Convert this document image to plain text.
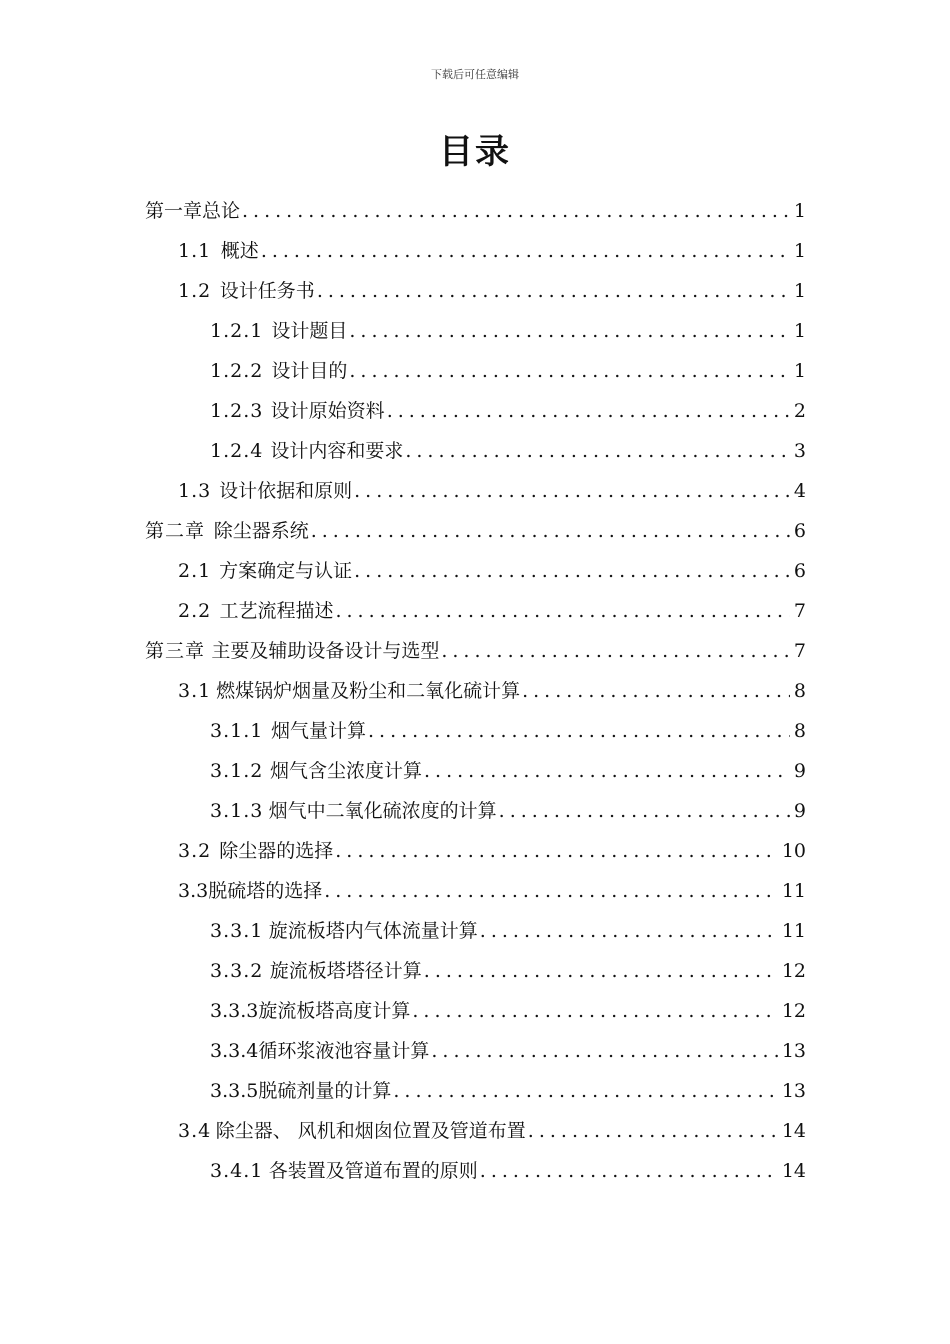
下载后可任意编辑
目录
第一章总论 .....	1
1.1 概述 .....	1
1.2 设计任务书 .....	1
1.2.1 设计题目 .....	1
1.2.2 设计目的 .....	1
1.2.3 设计原始资料 .....	2
1.2.4 设计内容和要求 .....	3
1.3 设计依据和原则 .....	4
第二章 除尘器系统 .....	6
2.1 方案确定与认证 .....	6
2.2 工艺流程描述 .....	7
第三章 主要及辅助设备设计与选型 .....	7
3.1 燃煤锅炉烟量及粉尘和二氧化硫计算 .....	8
3.1.1 烟气量计算 .....	8
3.1.2 烟气含尘浓度计算 .....	9
3.1.3 烟气中二氧化硫浓度的计算 .....	9
3.2 除尘器的选择 .....	10
3.3脱硫塔的选择 .....	11
3.3.1 旋流板塔内气体流量计算 .....	11
3.3.2 旋流板塔塔径计算 .....	12
3.3.3旋流板塔高度计算 .....	12
3.3.4循环浆液池容量计算 .....	13
3.3.5脱硫剂量的计算 .....	13
3.4 除尘器、 风机和烟囱位置及管道布置 .....	14
3.4.1 各装置及管道布置的原则 .....	14
